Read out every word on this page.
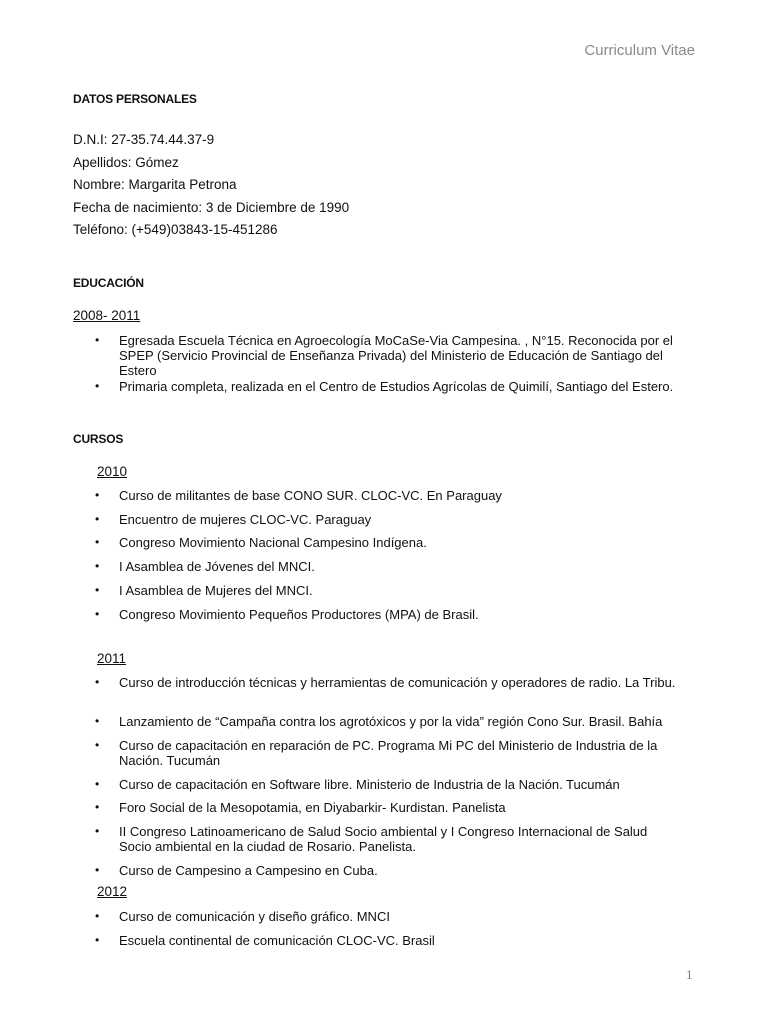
Curriculum Vitae
DATOS PERSONALES
D.N.I: 27-35.74.44.37-9
Apellidos: Gómez
Nombre: Margarita Petrona
Fecha de nacimiento: 3 de Diciembre de 1990
Teléfono: (+549)03843-15-451286
EDUCACIÓN
2008- 2011
• Egresada Escuela Técnica en Agroecología MoCaSe-Via Campesina. , N°15. Reconocida por el SPEP (Servicio Provincial de Enseñanza Privada) del Ministerio de Educación de Santiago del Estero
• Primaria completa, realizada en el Centro de Estudios Agrícolas de Quimilí, Santiago del Estero.
CURSOS
2010
• Curso de militantes de base CONO SUR. CLOC-VC. En Paraguay
• Encuentro de mujeres CLOC-VC. Paraguay
• Congreso Movimiento Nacional Campesino Indígena.
• I Asamblea de Jóvenes del MNCI.
• I Asamblea de Mujeres del MNCI.
• Congreso Movimiento Pequeños Productores (MPA) de Brasil.
2011
• Curso de introducción técnicas y herramientas de comunicación y operadores de radio. La Tribu.
• Lanzamiento de “Campaña contra los agrotóxicos y por la vida” región Cono Sur. Brasil. Bahía
• Curso de capacitación en reparación de PC. Programa Mi PC del Ministerio de Industria de la Nación. Tucumán
• Curso de capacitación en Software libre. Ministerio de Industria de la Nación. Tucumán
• Foro Social de la Mesopotamia, en Diyabarkir- Kurdistan. Panelista
• II Congreso Latinoamericano de Salud Socio ambiental y I Congreso Internacional de Salud Socio ambiental en la ciudad de Rosario. Panelista.
• Curso de Campesino a Campesino en Cuba.
2012
• Curso de comunicación y diseño gráfico. MNCI
• Escuela continental de comunicación CLOC-VC. Brasil
1
